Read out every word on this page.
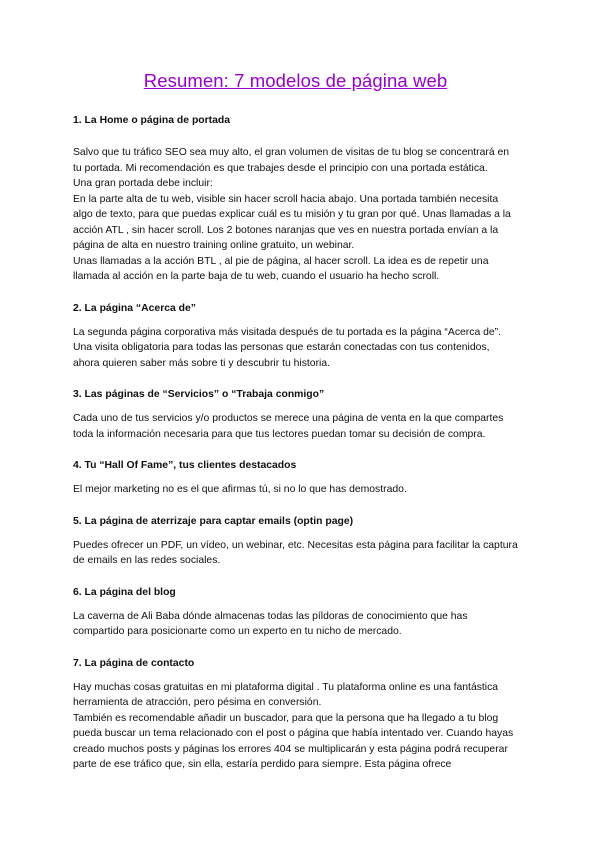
Resumen: 7 modelos de página web
1. La Home o página de portada

Salvo que tu tráfico SEO sea muy alto, el gran volumen de visitas de tu blog se concentrará en tu portada. Mi recomendación es que trabajes desde el principio con una portada estática.

Una gran portada debe incluir:

En la parte alta de tu web, visible sin hacer scroll hacia abajo. Una portada también necesita algo de texto, para que puedas explicar cuál es tu misión y tu gran por qué. Unas llamadas a la acción ATL , sin hacer scroll. Los 2 botones naranjas que ves en nuestra portada envían a la página de alta en nuestro training online gratuito, un webinar.

Unas llamadas a la acción BTL , al pie de página, al hacer scroll. La idea es de repetir una llamada al acción en la parte baja de tu web, cuando el usuario ha hecho scroll.

2. La página “Acerca de”

La segunda página corporativa más visitada después de tu portada es la página “Acerca de”. Una visita obligatoria para todas las personas que estarán conectadas con tus contenidos, ahora quieren saber más sobre ti y descubrir tu historia.

3. Las páginas de “Servicios” o “Trabaja conmigo”

Cada uno de tus servicios y/o productos se merece una página de venta en la que compartes toda la información necesaria para que tus lectores puedan tomar su decisión de compra.

4. Tu “Hall Of Fame”, tus clientes destacados

El mejor marketing no es el que afirmas tú, si no lo que has demostrado.

5. La página de aterrizaje para captar emails (optin page)

Puedes ofrecer un PDF, un vídeo, un webinar, etc. Necesitas esta página para facilitar la captura de emails en las redes sociales.

6. La página del blog

La caverna de Ali Baba dónde almacenas todas las píldoras de conocimiento que has compartido para posicionarte como un experto en tu nicho de mercado.

7. La página de contacto

Hay muchas cosas gratuitas en mi plataforma digital . Tu plataforma online es una fantástica herramienta de atracción, pero pésima en conversión.

También es recomendable añadir un buscador, para que la persona que ha llegado a tu blog pueda buscar un tema relacionado con el post o página que había intentado ver. Cuando hayas creado muchos posts y páginas los errores 404 se multiplicarán y esta página podrá recuperar parte de ese tráfico que, sin ella, estaría perdido para siempre. Esta página ofrece
